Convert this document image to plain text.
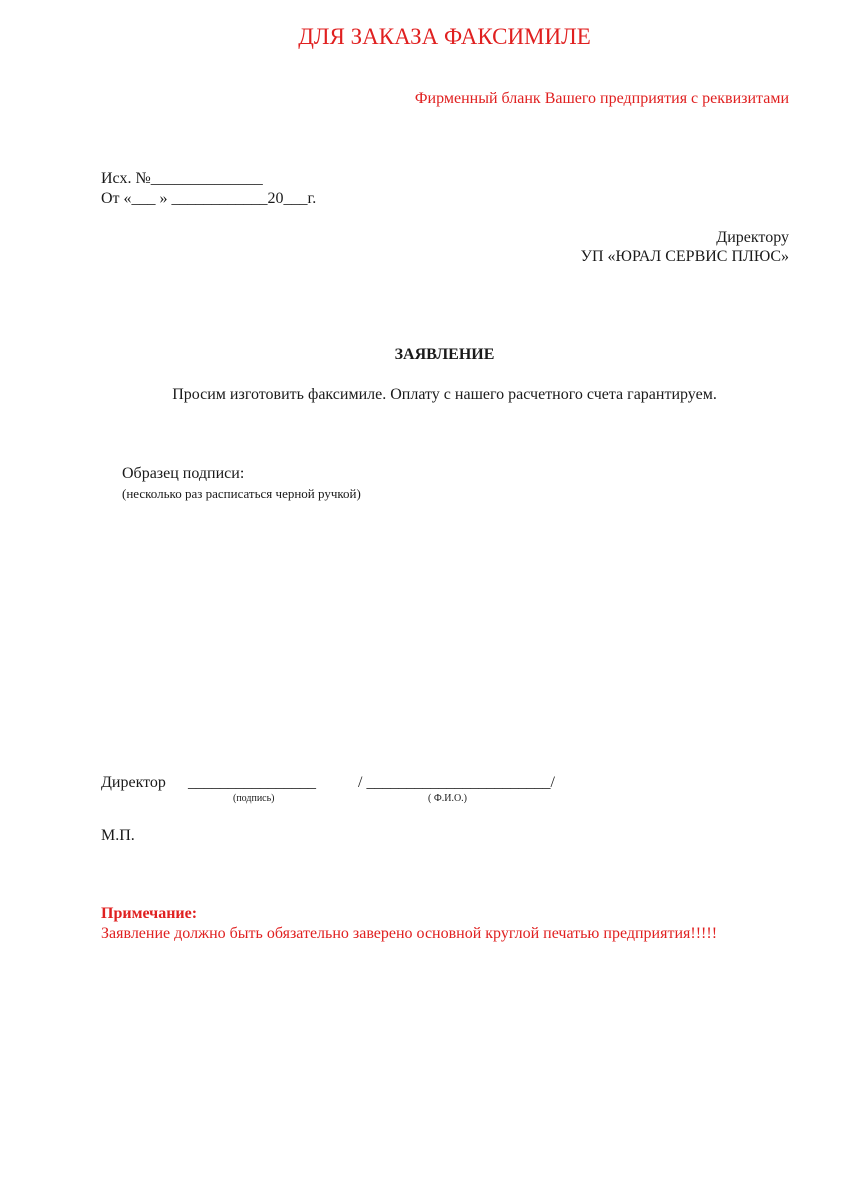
ДЛЯ ЗАКАЗА ФАКСИМИЛЕ
Фирменный бланк Вашего предприятия с реквизитами
Исх. №______________
От «___ » ____________20___г.
Директору
УП «ЮРАЛ СЕРВИС ПЛЮС»
ЗАЯВЛЕНИЕ
Просим изготовить факсимиле. Оплату с нашего расчетного счета гарантируем.
Образец подписи:
(несколько раз расписаться черной ручкой)
Директор ________________	/ _______________________/
(подпись)	( Ф.И.О.)
М.П.
Примечание:
Заявление должно быть обязательно заверено основной круглой печатью предприятия!!!!!
